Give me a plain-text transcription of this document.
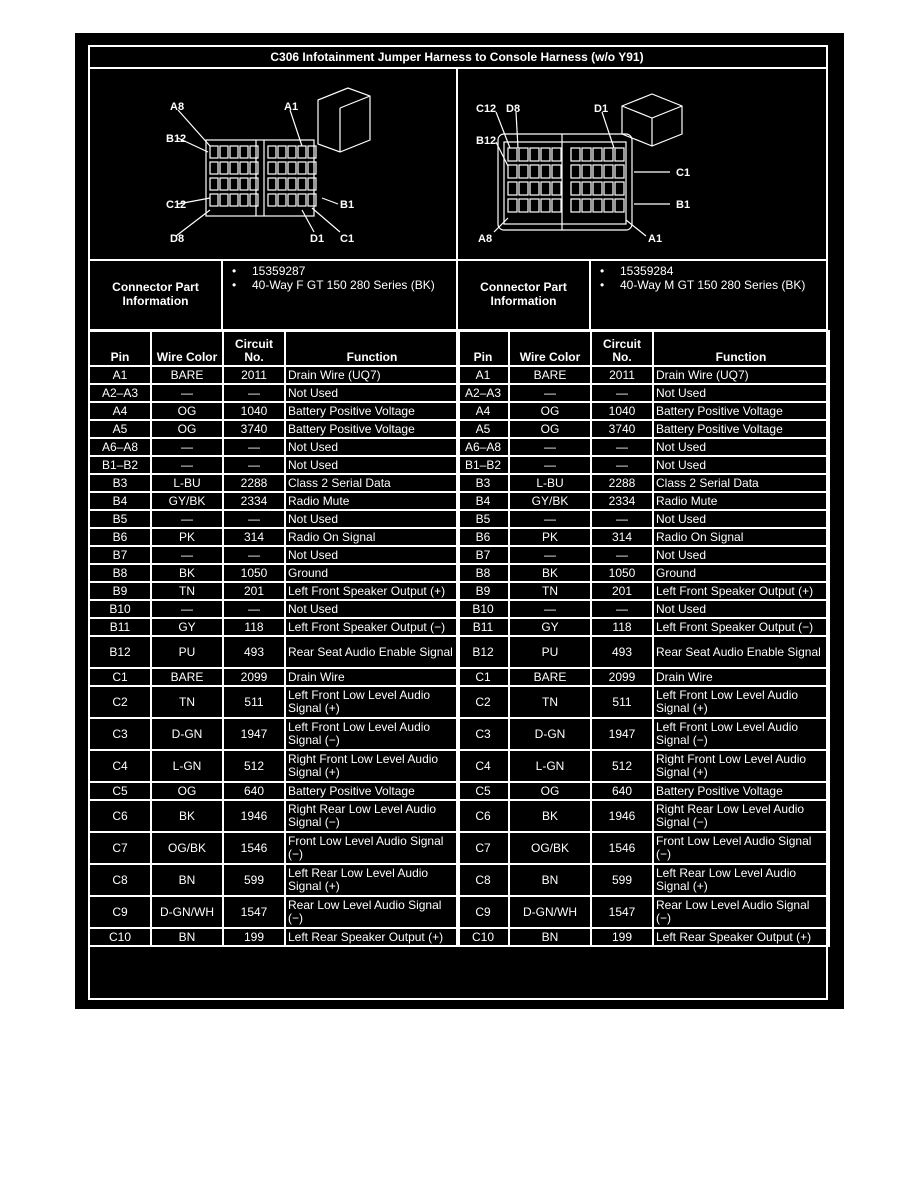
C306 Infotainment Jumper Harness to Console Harness (w/o Y91)
A8	A1
B12
C12	B1
D8	D1 C1
C12 D8	D1
B12
C1
B1
A8	A1
Connector Part Information
• 15359287
• 40-Way F GT 150 280 Series (BK)	Connector Part Information
• 15359284
• 40-Way M GT 150 280 Series (BK)
Pin	Wire Color	Circuit No.	Function
A1	BARE	2011	Drain Wire (UQ7)
A2–A3	—	—	Not Used
A4	OG	1040	Battery Positive Voltage
A5	OG	3740	Battery Positive Voltage
A6–A8	—	—	Not Used
B1–B2	—	—	Not Used
B3	L-BU	2288	Class 2 Serial Data
B4	GY/BK	2334	Radio Mute
B5	—	—	Not Used
B6	PK	314	Radio On Signal
B7	—	—	Not Used
B8	BK	1050	Ground
B9	TN	201	Left Front Speaker Output (+)
B10	—	—	Not Used
B11	GY	118	Left Front Speaker Output (−)
B12	PU	493	Rear Seat Audio Enable Signal
C1	BARE	2099	Drain Wire
C2	TN	511	Left Front Low Level Audio Signal (+)
C3	D-GN	1947	Left Front Low Level Audio Signal (−)
C4	L-GN	512	Right Front Low Level Audio Signal (+)
C5	OG	640	Battery Positive Voltage
C6	BK	1946	Right Rear Low Level Audio Signal (−)
C7	OG/BK	1546	Front Low Level Audio Signal (−)
C8	BN	599	Left Rear Low Level Audio Signal (+)
C9	D-GN/WH	1547	Rear Low Level Audio Signal (−)
C10	BN	199	Left Rear Speaker Output (+)
Pin	Wire Color	Circuit No.	Function
A1	BARE	2011	Drain Wire (UQ7)
A2–A3	—	—	Not Used
A4	OG	1040	Battery Positive Voltage
A5	OG	3740	Battery Positive Voltage
A6–A8	—	—	Not Used
B1–B2	—	—	Not Used
B3	L-BU	2288	Class 2 Serial Data
B4	GY/BK	2334	Radio Mute
B5	—	—	Not Used
B6	PK	314	Radio On Signal
B7	—	—	Not Used
B8	BK	1050	Ground
B9	TN	201	Left Front Speaker Output (+)
B10	—	—	Not Used
B11	GY	118	Left Front Speaker Output (−)
B12	PU	493	Rear Seat Audio Enable Signal
C1	BARE	2099	Drain Wire
C2	TN	511	Left Front Low Level Audio Signal (+)
C3	D-GN	1947	Left Front Low Level Audio Signal (−)
C4	L-GN	512	Right Front Low Level Audio Signal (+)
C5	OG	640	Battery Positive Voltage
C6	BK	1946	Right Rear Low Level Audio Signal (−)
C7	OG/BK	1546	Front Low Level Audio Signal (−)
C8	BN	599	Left Rear Low Level Audio Signal (+)
C9	D-GN/WH	1547	Rear Low Level Audio Signal (−)
C10	BN	199	Left Rear Speaker Output (+)
